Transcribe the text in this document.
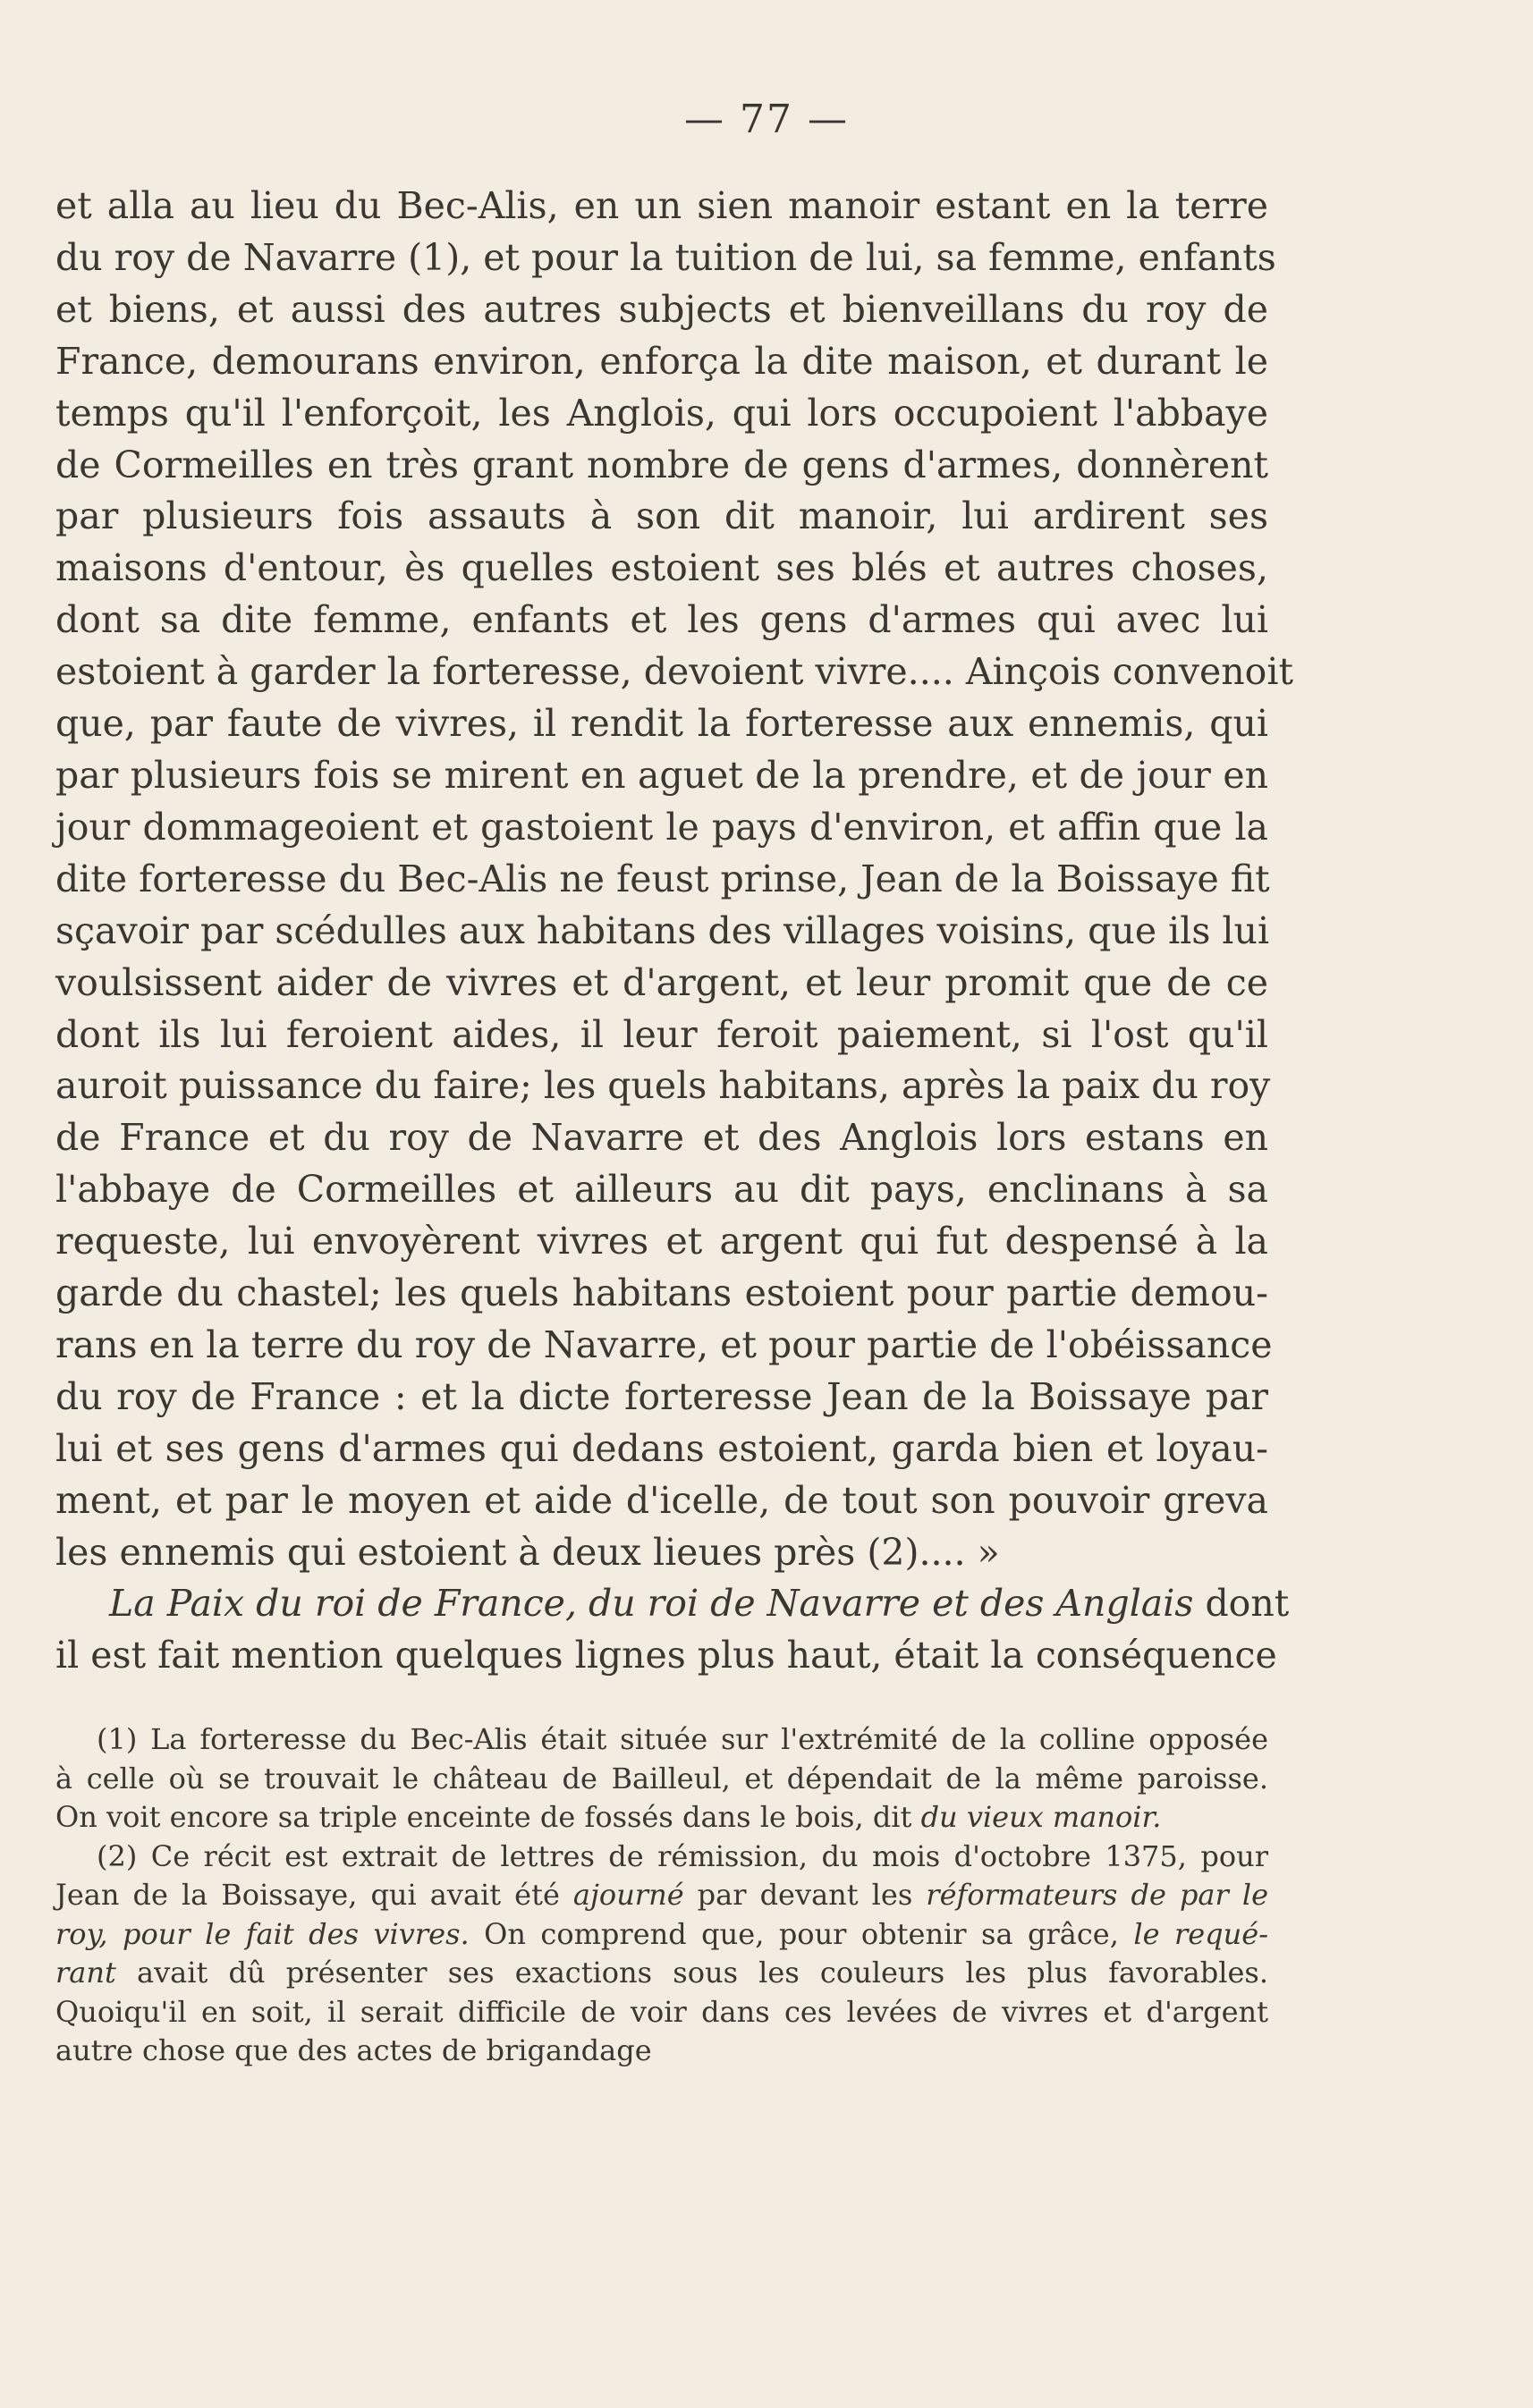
— 77 —
et alla au lieu du Bec-Alis, en un sien manoir estant en la terre
du roy de Navarre (1), et pour la tuition de lui, sa femme, enfants
et biens, et aussi des autres subjects et bienveillans du roy de
France, demourans environ, enforça la dite maison, et durant le
temps qu'il l'enforçoit, les Anglois, qui lors occupoient l'abbaye
de Cormeilles en très grant nombre de gens d'armes, donnèrent
par plusieurs fois assauts à son dit manoir, lui ardirent ses
maisons d'entour, ès quelles estoient ses blés et autres choses,
dont sa dite femme, enfants et les gens d'armes qui avec lui
estoient à garder la forteresse, devoient vivre.... Ainçois convenoit
que, par faute de vivres, il rendit la forteresse aux ennemis, qui
par plusieurs fois se mirent en aguet de la prendre, et de jour en
jour dommageoient et gastoient le pays d'environ, et affin que la
dite forteresse du Bec-Alis ne feust prinse, Jean de la Boissaye fit
sçavoir par scédulles aux habitans des villages voisins, que ils lui
voulsissent aider de vivres et d'argent, et leur promit que de ce
dont ils lui feroient aides, il leur feroit paiement, si l'ost qu'il
auroit puissance du faire; les quels habitans, après la paix du roy
de France et du roy de Navarre et des Anglois lors estans en
l'abbaye de Cormeilles et ailleurs au dit pays, enclinans à sa
requeste, lui envoyèrent vivres et argent qui fut despensé à la
garde du chastel; les quels habitans estoient pour partie demou-
rans en la terre du roy de Navarre, et pour partie de l'obéissance
du roy de France : et la dicte forteresse Jean de la Boissaye par
lui et ses gens d'armes qui dedans estoient, garda bien et loyau-
ment, et par le moyen et aide d'icelle, de tout son pouvoir greva
les ennemis qui estoient à deux lieues près (2).... »
La Paix du roi de France, du roi de Navarre et des Anglais dont
il est fait mention quelques lignes plus haut, était la conséquence
(1) La forteresse du Bec-Alis était située sur l'extrémité de la colline opposée
à celle où se trouvait le château de Bailleul, et dépendait de la même paroisse.
On voit encore sa triple enceinte de fossés dans le bois, dit du vieux manoir.
(2) Ce récit est extrait de lettres de rémission, du mois d'octobre 1375, pour
Jean de la Boissaye, qui avait été ajourné par devant les réformateurs de par le
roy, pour le fait des vivres. On comprend que, pour obtenir sa grâce, le requé-
rant avait dû présenter ses exactions sous les couleurs les plus favorables.
Quoiqu'il en soit, il serait difficile de voir dans ces levées de vivres et d'argent
autre chose que des actes de brigandage
